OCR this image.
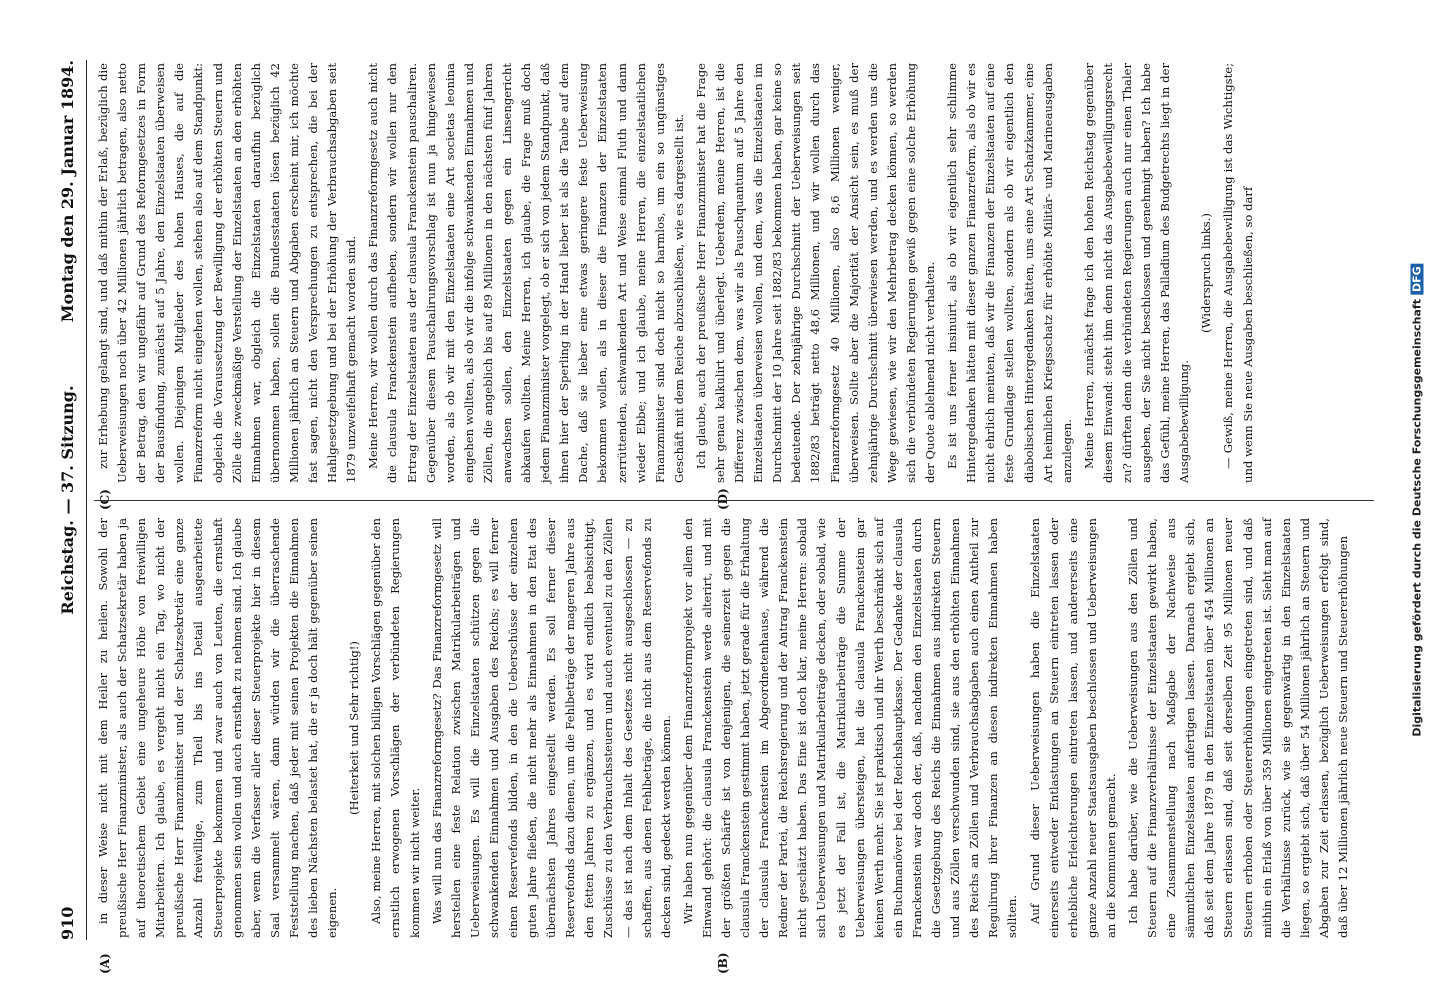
910
Reichstag. — 37. Sitzung.
Montag den 29. Januar 1894.
(A)	(B)
(C)	(D)

in dieser Weise nicht mit dem Heiler zu heilen. Sowohl der preußische Herr Finanzminister, als auch der Schatzsekretär haben ja auf theoretischem Gebiet eine ungeheure Höhe von freiwilligen Mitarbeitern. Ich glaube, es vergeht nicht ein Tag, wo nicht der preußische Herr Finanzminister und der Schatzsekretär eine ganze Anzahl freiwillige, zum Theil bis ins Detail ausgearbeitete Steuerprojekte bekommen und zwar auch von Leuten, die ernsthaft genommen sein wollen und auch ernsthaft zu nehmen sind. Ich glaube aber, wenn die Verfasser aller dieser Steuerprojekte hier in diesem Saal versammelt wären, dann würden wir die überraschende Feststellung machen, daß jeder mit seinen Projekten die Einnahmen des lieben Nächsten belastet hat, die er ja doch hält gegenüber seinen eigenen.

(Heiterkeit und Sehr richtig!) Also, meine Herren, mit solchen billigen Vorschlägen gegenüber den ernstlich erwogenen Vorschlägen der verbündeten Regierungen kommen wir nicht weiter. Was will nun das Finanzreformgesetz? Das Finanzreformgesetz will herstellen eine feste Relation zwischen Matrikularbeiträgen und Ueberweisungen. Es will die Einzelstaaten schützen gegen die schwankenden Einnahmen und Ausgaben des Reichs; es will ferner einen Reservefonds bilden, in den die Ueberschüsse der einzelnen guten Jahre fließen, die nicht mehr als Einnahmen in den Etat des übernächsten Jahres eingestellt werden. Es soll ferner dieser Reservefonds dazu dienen, um die Fehlbeträge der mageren Jahre aus den fetten Jahren zu ergänzen, und es wird endlich beabsichtigt, Zuschüsse zu den Verbrauchssteuern und auch eventuell zu den Zöllen — das ist nach dem Inhalt des Gesetzes nicht ausgeschlossen — zu schaffen, aus denen Fehlbeträge, die nicht aus dem Reservefonds zu decken sind, gedeckt werden können. Wir haben nun gegenüber dem Finanzreformprojekt vor allem den Einwand gehört: die clausula Franckenstein werde alterirt, und mit der größten Schärfe ist von denjenigen, die seinerzeit gegen die clausula Franckenstein gestimmt haben, jetzt gerade für die Erhaltung der clausula Franckenstein im Abgeordnetenhause, während die Redner der Partei, die Reichsregierung und der Antrag Franckenstein nicht geschätzt haben. Das Eine ist doch klar, meine Herren: sobald sich Ueberweisungen und Matrikularbeiträge decken, oder sobald, wie es jetzt der Fall ist, die Matrikularbeiträge die Summe der Ueberweisungen übersteigen, hat die clausula Franckenstein gar keinen Werth mehr. Sie ist praktisch und ihr Werth beschränkt sich auf ein Buchmanöver bei der Reichshauptkasse. Der Gedanke der clausula Franckenstein war doch der, daß, nachdem den Einzelstaaten durch die Gesetzgebung des Reichs die Einnahmen aus indirekten Steuern und aus Zöllen verschwunden sind, sie aus den erhöhten Einnahmen des Reichs an Zöllen und Verbrauchsabgaben auch einen Antheil zur Regulirung ihrer Finanzen an diesen indirekten Einnahmen haben sollten. Auf Grund dieser Ueberweisungen haben die Einzelstaaten einerseits entweder Entlastungen an Steuern eintreten lassen oder erhebliche Erleichterungen eintreten lassen, und andererseits eine ganze Anzahl neuer Staatsausgaben beschlossen und Ueberweisungen an die Kommunen gemacht. Ich habe darüber, wie die Ueberweisungen aus den Zöllen und Steuern auf die Finanzverhältnisse der Einzelstaaten gewirkt haben, eine Zusammenstellung nach Maßgabe der Nachweise aus sämmtlichen Einzelstaaten anfertigen lassen. Darnach ergiebt sich, daß seit dem Jahre 1879 in den Einzelstaaten über 454 Millionen an Steuern erlassen sind, daß seit derselben Zeit 95 Millionen neuer Steuern erhoben oder Steuererhöhungen eingetreten sind, und daß mithin ein Erlaß von über 359 Millionen eingetreten ist. Sieht man auf die Verhältnisse zurück, wie sie gegenwärtig in den Einzelstaaten liegen, so ergiebt sich, daß über 54 Millionen jährlich an Steuern und Abgaben zur Zeit erlassen, bezüglich Ueberweisungen erfolgt sind, daß über 12 Millionen jährlich neue Steuern und Steuererhöhungen

zur Erhebung gelangt sind, und daß mithin der Erlaß, bezüglich die Ueberweisungen noch über 42 Millionen jährlich betragen, also netto der Betrag, den wir ungefähr auf Grund des Reformgesetzes in Form der Bausfindung, zunächst auf 5 Jahre, den Einzelstaaten überweisen wollen. Diejenigen Mitglieder des hohen Hauses, die auf die Finanzreform nicht eingehen wollen, stehen also auf dem Standpunkt: obgleich die Voraussetzung der Bewilligung der erhöhten Steuern und Zölle die zweckmäßige Verstellung der Einzelstaaten an den erhöhten Einnahmen war, obgleich die Einzelstaaten daraufhin bezüglich übernommen haben, sollen die Bundesstaaten lösen bezüglich 42 Millionen jährlich an Steuern und Abgaben erscheint mir, ich möchte fast sagen, nicht den Versprechungen zu entsprechen, die bei der Hahlgesetzgebung und bei der Erhöhung der Verbrauchsabgaben seit 1879 unzweifelhaft gemacht worden sind. Meine Herren, wir wollen durch das Finanzreformgesetz auch nicht die clausula Franckenstein aufheben, sondern wir wollen nur den Ertrag der Einzelstaaten aus der clausula Franckenstein pauschaliren. Gegenüber diesem Pauschalirungsvorschlag ist nun ja hingewiesen worden, als ob wir mit den Einzelstaaten eine Art societas leonina eingehen wollten, als ob wir die infolge schwankenden Einnahmen und Zöllen, die angeblich bis auf 89 Millionen in den nächsten fünf Jahren anwachsen sollen, den Einzelstaaten gegen ein Linsengericht abkaufen wollten. Meine Herren, ich glaube, die Frage muß doch jedem Finanzminister vorgelegt, ob er sich von jedem Standpunkt, daß ihnen hier der Sperling in der Hand lieber ist als die Taube auf dem Dache, daß sie lieber eine etwas geringere feste Ueberweisung bekommen wollen, als in dieser die Finanzen der Einzelstaaten zerrüttenden, schwankenden Art und Weise einmal Fluth und dann wieder Ebbe; und ich glaube, meine Herren, die einzelstaatlichen Finanzminister sind doch nicht so harmlos, um ein so ungünstiges Geschäft mit dem Reiche abzuschließen, wie es dargestellt ist. Ich glaube, auch der preußische Herr Finanzminister hat die Frage sehr genau kalkulirt und überlegt. Ueberdem, meine Herren, ist die Differenz zwischen dem, was wir als Pauschquantum auf 5 Jahre den Einzelstaaten überweisen wollen, und dem, was die Einzelstaaten im Durchschnitt der 10 Jahre seit 1882/83 bekommen haben, gar keine so bedeutende. Der zehnjährige Durchschnitt der Ueberweisungen seit 1882/83 beträgt netto 48,6 Millionen, und wir wollen durch das Finanzreformgesetz 40 Millionen, also 8,6 Millionen weniger, überweisen. Sollte aber die Majorität der Ansicht sein, es muß der zehnjährige Durchschnitt überwiesen werden, und es werden uns die Wege gewiesen, wie wir den Mehrbetrag decken können, so werden sich die verbündeten Regierungen gewiß gegen eine solche Erhöhung der Quote ablehnend nicht verhalten. Es ist uns ferner insinuirt, als ob wir eigentlich sehr schlimme Hintergedanken hätten mit dieser ganzen Finanzreform, als ob wir es nicht ehrlich meinten, daß wir die Finanzen der Einzelstaaten auf eine feste Grundlage stellen wollten, sondern als ob wir eigentlich den diabolischen Hintergedanken hätten, uns eine Art Schatzkammer, eine Art heimlichen Kriegsschatz für erhöhte Militär- und Marineausgaben anzulegen. Meine Herren, zunächst frage ich den hohen Reichstag gegenüber diesem Einwand: steht ihm denn nicht das Ausgabebewilligungsrecht zu? dürften denn die verbündeten Regierungen auch nur einen Thaler ausgeben, der Sie nicht beschlossen und genehmigt haben? Ich habe das Gefühl, meine Herren, das Palladium des Budgetrechts liegt in der Ausgabebewilligung.

(Widerspruch links.) — Gewiß, meine Herren, die Ausgabebewilligung ist das Wichtigste; und wenn Sie neue Ausgaben beschließen, so darf	Digitalisierung gefördert durch die Deutsche ForschungsgemeinschaftDFG
